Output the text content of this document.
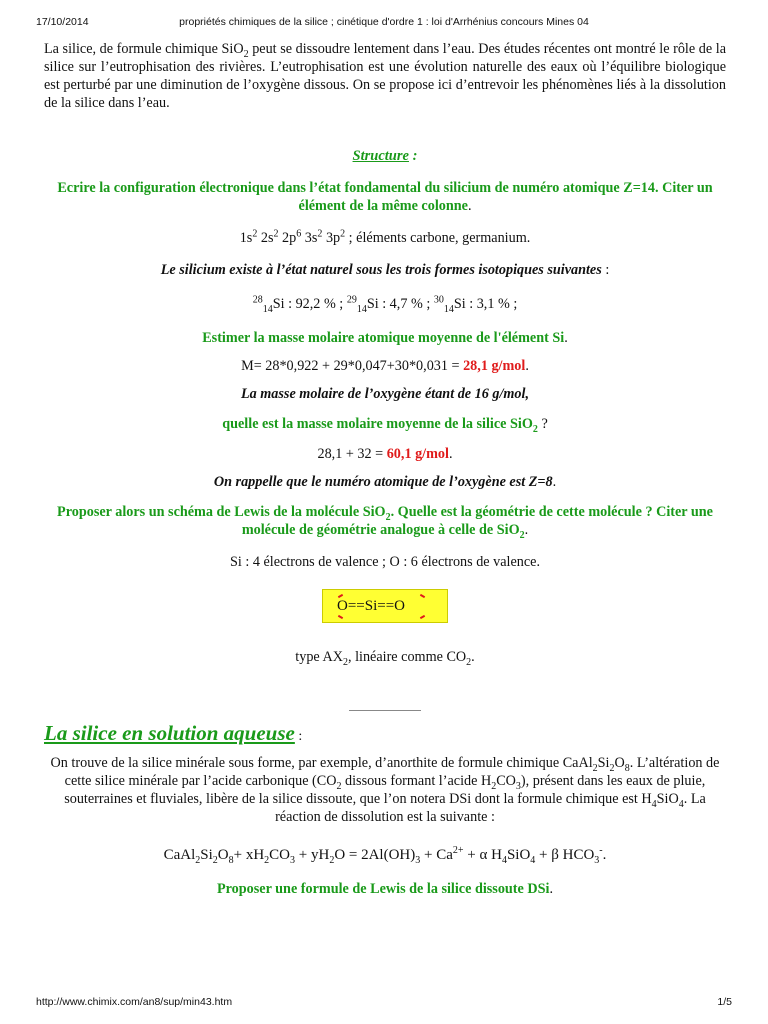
17/10/2014	propriétés chimiques de la silice ; cinétique d'ordre 1 : loi d'Arrhénius concours Mines 04

La silice, de formule chimique SiO$_2$ peut se dissoudre lentement dans l’eau. Des études récentes ont montré le rôle de la silice sur l’eutrophisation des rivières. L’eutrophisation est une évolution naturelle des eaux où l’équilibre biologique est perturbé par une diminution de l’oxygène dissous. On se propose ici d’entrevoir les phénomènes liés à la dissolution de la silice dans l’eau.

Structure :

Ecrire la configuration électronique dans l’état fondamental du silicium de numéro atomique Z=14. Citer un élément de la même colonne.

$1s^2$ $2s^2$ $2p^6$ $3s^2$ $3p^2$ ; éléments carbone, germanium.

Le silicium existe à l’état naturel sous les trois formes isotopiques suivantes :

$^{28}_{14}$Si : 92,2 % ; $^{29}_{14}$Si : 4,7 % ; $^{30}_{14}$Si : 3,1 % ;

Estimer la masse molaire atomique moyenne de l'élément Si.

M= 28*0,922 + 29*0,047+30*0,031 = 28,1 g/mol.

La masse molaire de l’oxygène étant de 16 g/mol,

quelle est la masse molaire moyenne de la silice SiO$_2$ ?

28,1 + 32 = 60,1 g/mol.

On rappelle que le numéro atomique de l’oxygène est Z=8.

Proposer alors un schéma de Lewis de la molécule SiO$_2$. Quelle est la géométrie de cette molécule ? Citer une molécule de géométrie analogue à celle de SiO$_2$.

Si : 4 électrons de valence ; O : 6 électrons de valence.

O==Si==O

type $AX_2$, linéaire comme $CO_2$.

La silice en solution aqueuse :

On trouve de la silice minérale sous forme, par exemple, d’anorthite de formule chimique $CaAl_2Si_2O_8$. L’altération de cette silice minérale par l’acide carbonique ($CO_2$ dissous formant l’acide $H_2CO_3$), présent dans les eaux de pluie, souterraines et fluviales, libère de la silice dissoute, que l’on notera DSi dont la formule chimique est $H_4SiO_4$. La réaction de dissolution est la suivante :

$CaAl_2Si_2O_8+ xH_2CO_3 + yH_2O = 2Al(OH)_3 + Ca^{2+} + \alpha$ $H_4SiO_4 + \beta$ $HCO_3^-$.

Proposer une formule de Lewis de la silice dissoute DSi.

http://www.chimix.com/an8/sup/min43.htm	1/5
